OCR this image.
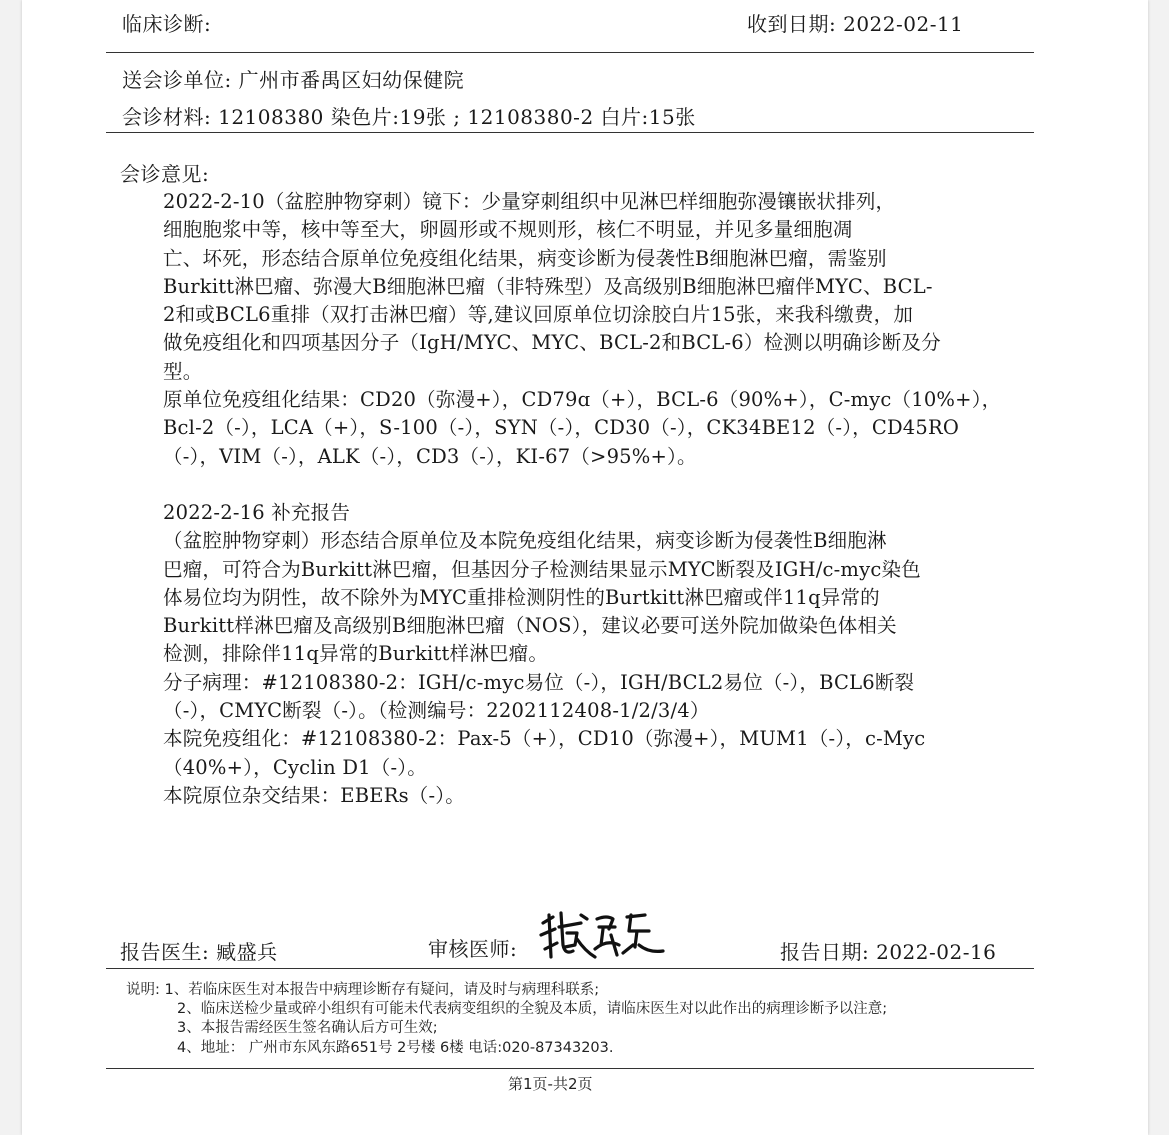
临床诊断:	收到日期: 2022-02-11
送会诊单位: 广州市番禺区妇幼保健院
会诊材料: 12108380 染色片:19张 ; 12108380-2 白片:15张
会诊意见:
2022-2-10（盆腔肿物穿刺）镜下：少量穿刺组织中见淋巴样细胞弥漫镶嵌状排列，
细胞胞浆中等，核中等至大，卵圆形或不规则形，核仁不明显，并见多量细胞凋
亡、坏死，形态结合原单位免疫组化结果，病变诊断为侵袭性B细胞淋巴瘤，需鉴别
Burkitt淋巴瘤、弥漫大B细胞淋巴瘤（非特殊型）及高级别B细胞淋巴瘤伴MYC、BCL-
2和或BCL6重排（双打击淋巴瘤）等,建议回原单位切涂胶白片15张，来我科缴费，加
做免疫组化和四项基因分子（IgH/MYC、MYC、BCL-2和BCL-6）检测以明确诊断及分
型。
原单位免疫组化结果：CD20（弥漫+），CD79ɑ（+），BCL-6（90%+），C-myc（10%+），
Bcl-2（-），LCA（+），S-100（-），SYN（-），CD30（-），CK34BE12（-），CD45RO
（-），VIM（-），ALK（-），CD3（-），KI-67（>95%+）。
2022-2-16 补充报告
（盆腔肿物穿刺）形态结合原单位及本院免疫组化结果，病变诊断为侵袭性B细胞淋
巴瘤，可符合为Burkitt淋巴瘤，但基因分子检测结果显示MYC断裂及IGH/c-myc染色
体易位均为阴性，故不除外为MYC重排检测阴性的Burtkitt淋巴瘤或伴11q异常的
Burkitt样淋巴瘤及高级别B细胞淋巴瘤（NOS），建议必要可送外院加做染色体相关
检测，排除伴11q异常的Burkitt样淋巴瘤。
分子病理：#12108380-2：IGH/c-myc易位（-），IGH/BCL2易位（-），BCL6断裂
（-），CMYC断裂（-）。（检测编号：2202112408-1/2/3/4）
本院免疫组化：#12108380-2：Pax-5（+），CD10（弥漫+），MUM1（-），c-Myc
（40%+），Cyclin D1（-）。
本院原位杂交结果：EBERs（-）。
报告医生: 臧盛兵	审核医师:	报告日期: 2022-02-16
说明: 1、若临床医生对本报告中病理诊断存有疑问，请及时与病理科联系;
2、临床送检少量或碎小组织有可能未代表病变组织的全貌及本质，请临床医生对以此作出的病理诊断予以注意;
3、本报告需经医生签名确认后方可生效;
4、地址： 广州市东风东路651号 2号楼 6楼 电话:020-87343203.
第1页-共2页
